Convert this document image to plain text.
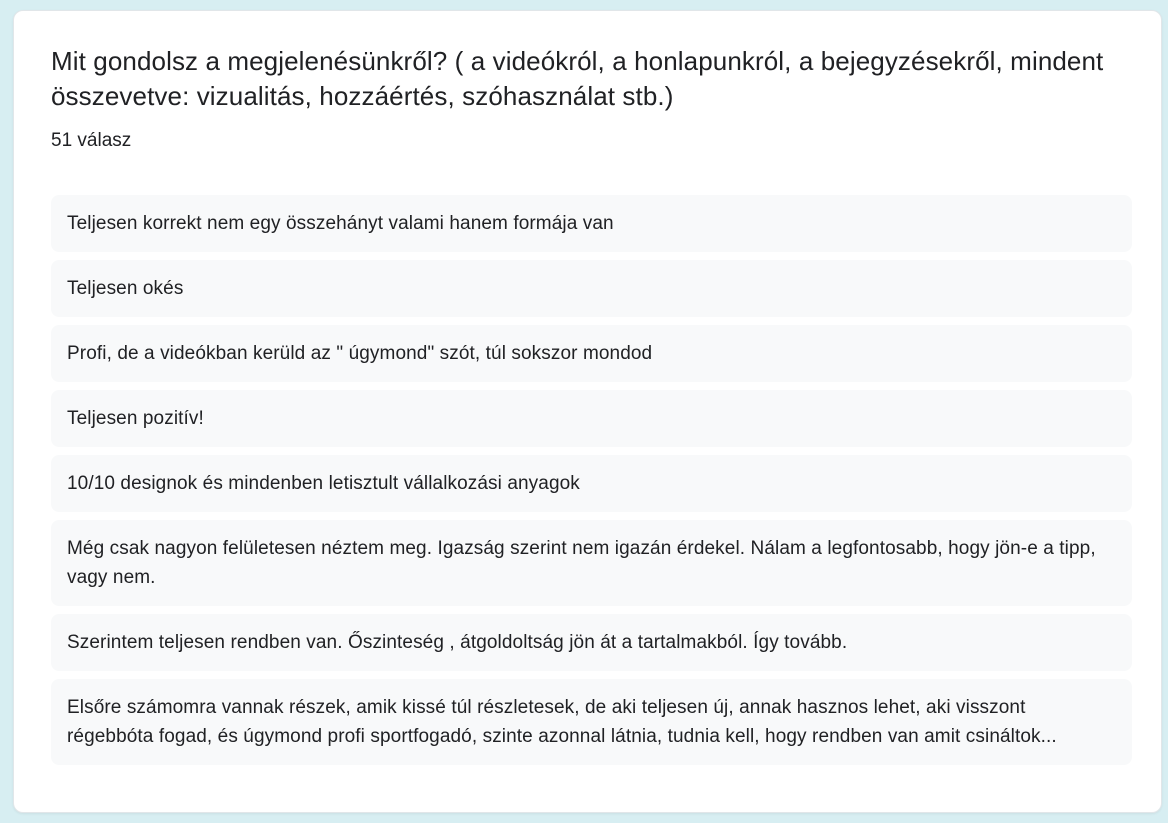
Mit gondolsz a megjelenésünkről? ( a videókról, a honlapunkról, a bejegyzésekről, mindent összevetve: vizualitás, hozzáértés, szóhasználat stb.)
51 válasz
Teljesen korrekt nem egy összehányt valami hanem formája van
Teljesen okés
Profi, de a videókban kerüld az " úgymond" szót, túl sokszor mondod
Teljesen pozitív!
10/10 designok és mindenben letisztult vállalkozási anyagok
Még csak nagyon felületesen néztem meg. Igazság szerint nem igazán érdekel. Nálam a legfontosabb, hogy jön-e a tipp, vagy nem.
Szerintem teljesen rendben van. Őszinteség , átgoldoltság jön át a tartalmakból. Így tovább.
Elsőre számomra vannak részek, amik kissé túl részletesek, de aki teljesen új, annak hasznos lehet, aki visszont régebbóta fogad, és úgymond profi sportfogadó, szinte azonnal látnia, tudnia kell, hogy rendben van amit csináltok...
